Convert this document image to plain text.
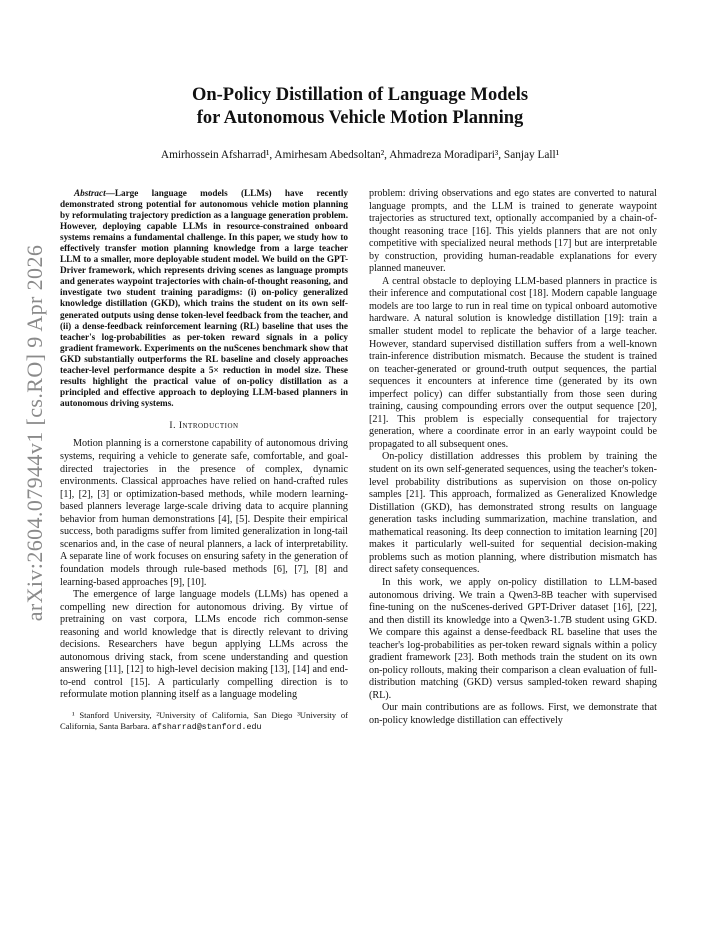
arXiv:2604.07944v1 [cs.RO] 9 Apr 2026
On-Policy Distillation of Language Models
for Autonomous Vehicle Motion Planning
Amirhossein Afsharrad¹, Amirhesam Abedsoltan², Ahmadreza Moradipari³, Sanjay Lall¹
Abstract—Large language models (LLMs) have recently demonstrated strong potential for autonomous vehicle motion planning by reformulating trajectory prediction as a language generation problem. However, deploying capable LLMs in resource-constrained onboard systems remains a fundamental challenge. In this paper, we study how to effectively transfer motion planning knowledge from a large teacher LLM to a smaller, more deployable student model. We build on the GPT-Driver framework, which represents driving scenes as language prompts and generates waypoint trajectories with chain-of-thought reasoning, and investigate two student training paradigms: (i) on-policy generalized knowledge distillation (GKD), which trains the student on its own self-generated outputs using dense token-level feedback from the teacher, and (ii) a dense-feedback reinforcement learning (RL) baseline that uses the teacher's log-probabilities as per-token reward signals in a policy gradient framework. Experiments on the nuScenes benchmark show that GKD substantially outperforms the RL baseline and closely approaches teacher-level performance despite a 5× reduction in model size. These results highlight the practical value of on-policy distillation as a principled and effective approach to deploying LLM-based planners in autonomous driving systems.
I. Introduction

Motion planning is a cornerstone capability of autonomous driving systems, requiring a vehicle to generate safe, comfortable, and goal-directed trajectories in the presence of complex, dynamic environments. Classical approaches have relied on hand-crafted rules [1], [2], [3] or optimization-based methods, while modern learning-based planners leverage large-scale driving data to acquire planning behavior from human demonstrations [4], [5]. Despite their empirical success, both paradigms suffer from limited generalization in long-tail scenarios and, in the case of neural planners, a lack of interpretability. A separate line of work focuses on ensuring safety in the generation of foundation models through rule-based methods [6], [7], [8] and learning-based approaches [9], [10].

The emergence of large language models (LLMs) has opened a compelling new direction for autonomous driving. By virtue of pretraining on vast corpora, LLMs encode rich common-sense reasoning and world knowledge that is directly relevant to driving decisions. Researchers have begun applying LLMs across the autonomous driving stack, from scene understanding and question answering [11], [12] to high-level decision making [13], [14] and end-to-end control [15]. A particularly compelling direction is to reformulate motion planning itself as a language modeling

¹ Stanford University, ²University of California, San Diego ³University of California, Santa Barbara. afsharrad@stanford.edu

problem: driving observations and ego states are converted to natural language prompts, and the LLM is trained to generate waypoint trajectories as structured text, optionally accompanied by a chain-of-thought reasoning trace [16]. This yields planners that are not only competitive with specialized neural methods [17] but are interpretable by construction, providing human-readable explanations for every planned maneuver.

A central obstacle to deploying LLM-based planners in practice is their inference and computational cost [18]. Modern capable language models are too large to run in real time on typical onboard automotive hardware. A natural solution is knowledge distillation [19]: train a smaller student model to replicate the behavior of a large teacher. However, standard supervised distillation suffers from a well-known train-inference distribution mismatch. Because the student is trained on teacher-generated or ground-truth output sequences, the partial sequences it encounters at inference time (generated by its own imperfect policy) can differ substantially from those seen during training, causing compounding errors over the output sequence [20], [21]. This problem is especially consequential for trajectory generation, where a coordinate error in an early waypoint could be propagated to all subsequent ones.

On-policy distillation addresses this problem by training the student on its own self-generated sequences, using the teacher's token-level probability distributions as supervision on those on-policy samples [21]. This approach, formalized as Generalized Knowledge Distillation (GKD), has demonstrated strong results on language generation tasks including summarization, machine translation, and mathematical reasoning. Its deep connection to imitation learning [20] makes it particularly well-suited for sequential decision-making problems such as motion planning, where distribution mismatch has direct safety consequences.

In this work, we apply on-policy distillation to LLM-based autonomous driving. We train a Qwen3-8B teacher with supervised fine-tuning on the nuScenes-derived GPT-Driver dataset [16], [22], and then distill its knowledge into a Qwen3-1.7B student using GKD. We compare this against a dense-feedback RL baseline that uses the teacher's log-probabilities as per-token reward signals within a policy gradient framework [23]. Both methods train the student on its own on-policy rollouts, making their comparison a clean evaluation of full-distribution matching (GKD) versus sampled-token reward shaping (RL).

Our main contributions are as follows. First, we demonstrate that on-policy knowledge distillation can effectively
